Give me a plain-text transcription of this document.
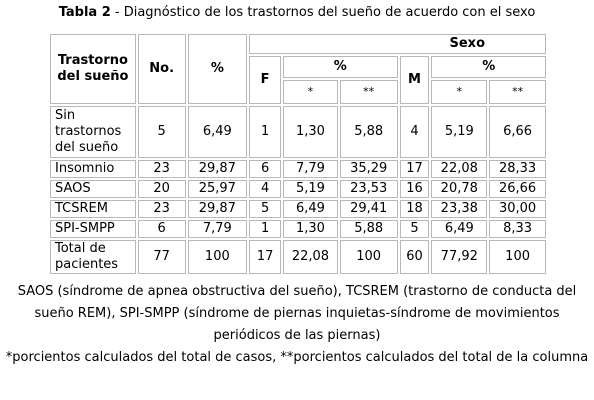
Tabla 2 - Diagnóstico de los trastornos del sueño de acuerdo con el sexo
Trastorno del sueño	No.	%	Sexo					
			F	%		M	%	
				*	**		*	**
Sin trastornos del sueño	5	6,49	1	1,30	5,88	4	5,19	6,66
Insomnio	23	29,87	6	7,79	35,29	17	22,08	28,33
SAOS	20	25,97	4	5,19	23,53	16	20,78	26,66
TCSREM	23	29,87	5	6,49	29,41	18	23,38	30,00
SPI-SMPP	6	7,79	1	1,30	5,88	5	6,49	8,33
Total de pacientes	77	100	17	22,08	100	60	77,92	100

SAOS (síndrome de apnea obstructiva del sueño), TCSREM (trastorno de conducta del sueño REM), SPI-SMPP (síndrome de piernas inquietas-síndrome de movimientos periódicos de las piernas)

*porcientos calculados del total de casos, **porcientos calculados del total de la columna
